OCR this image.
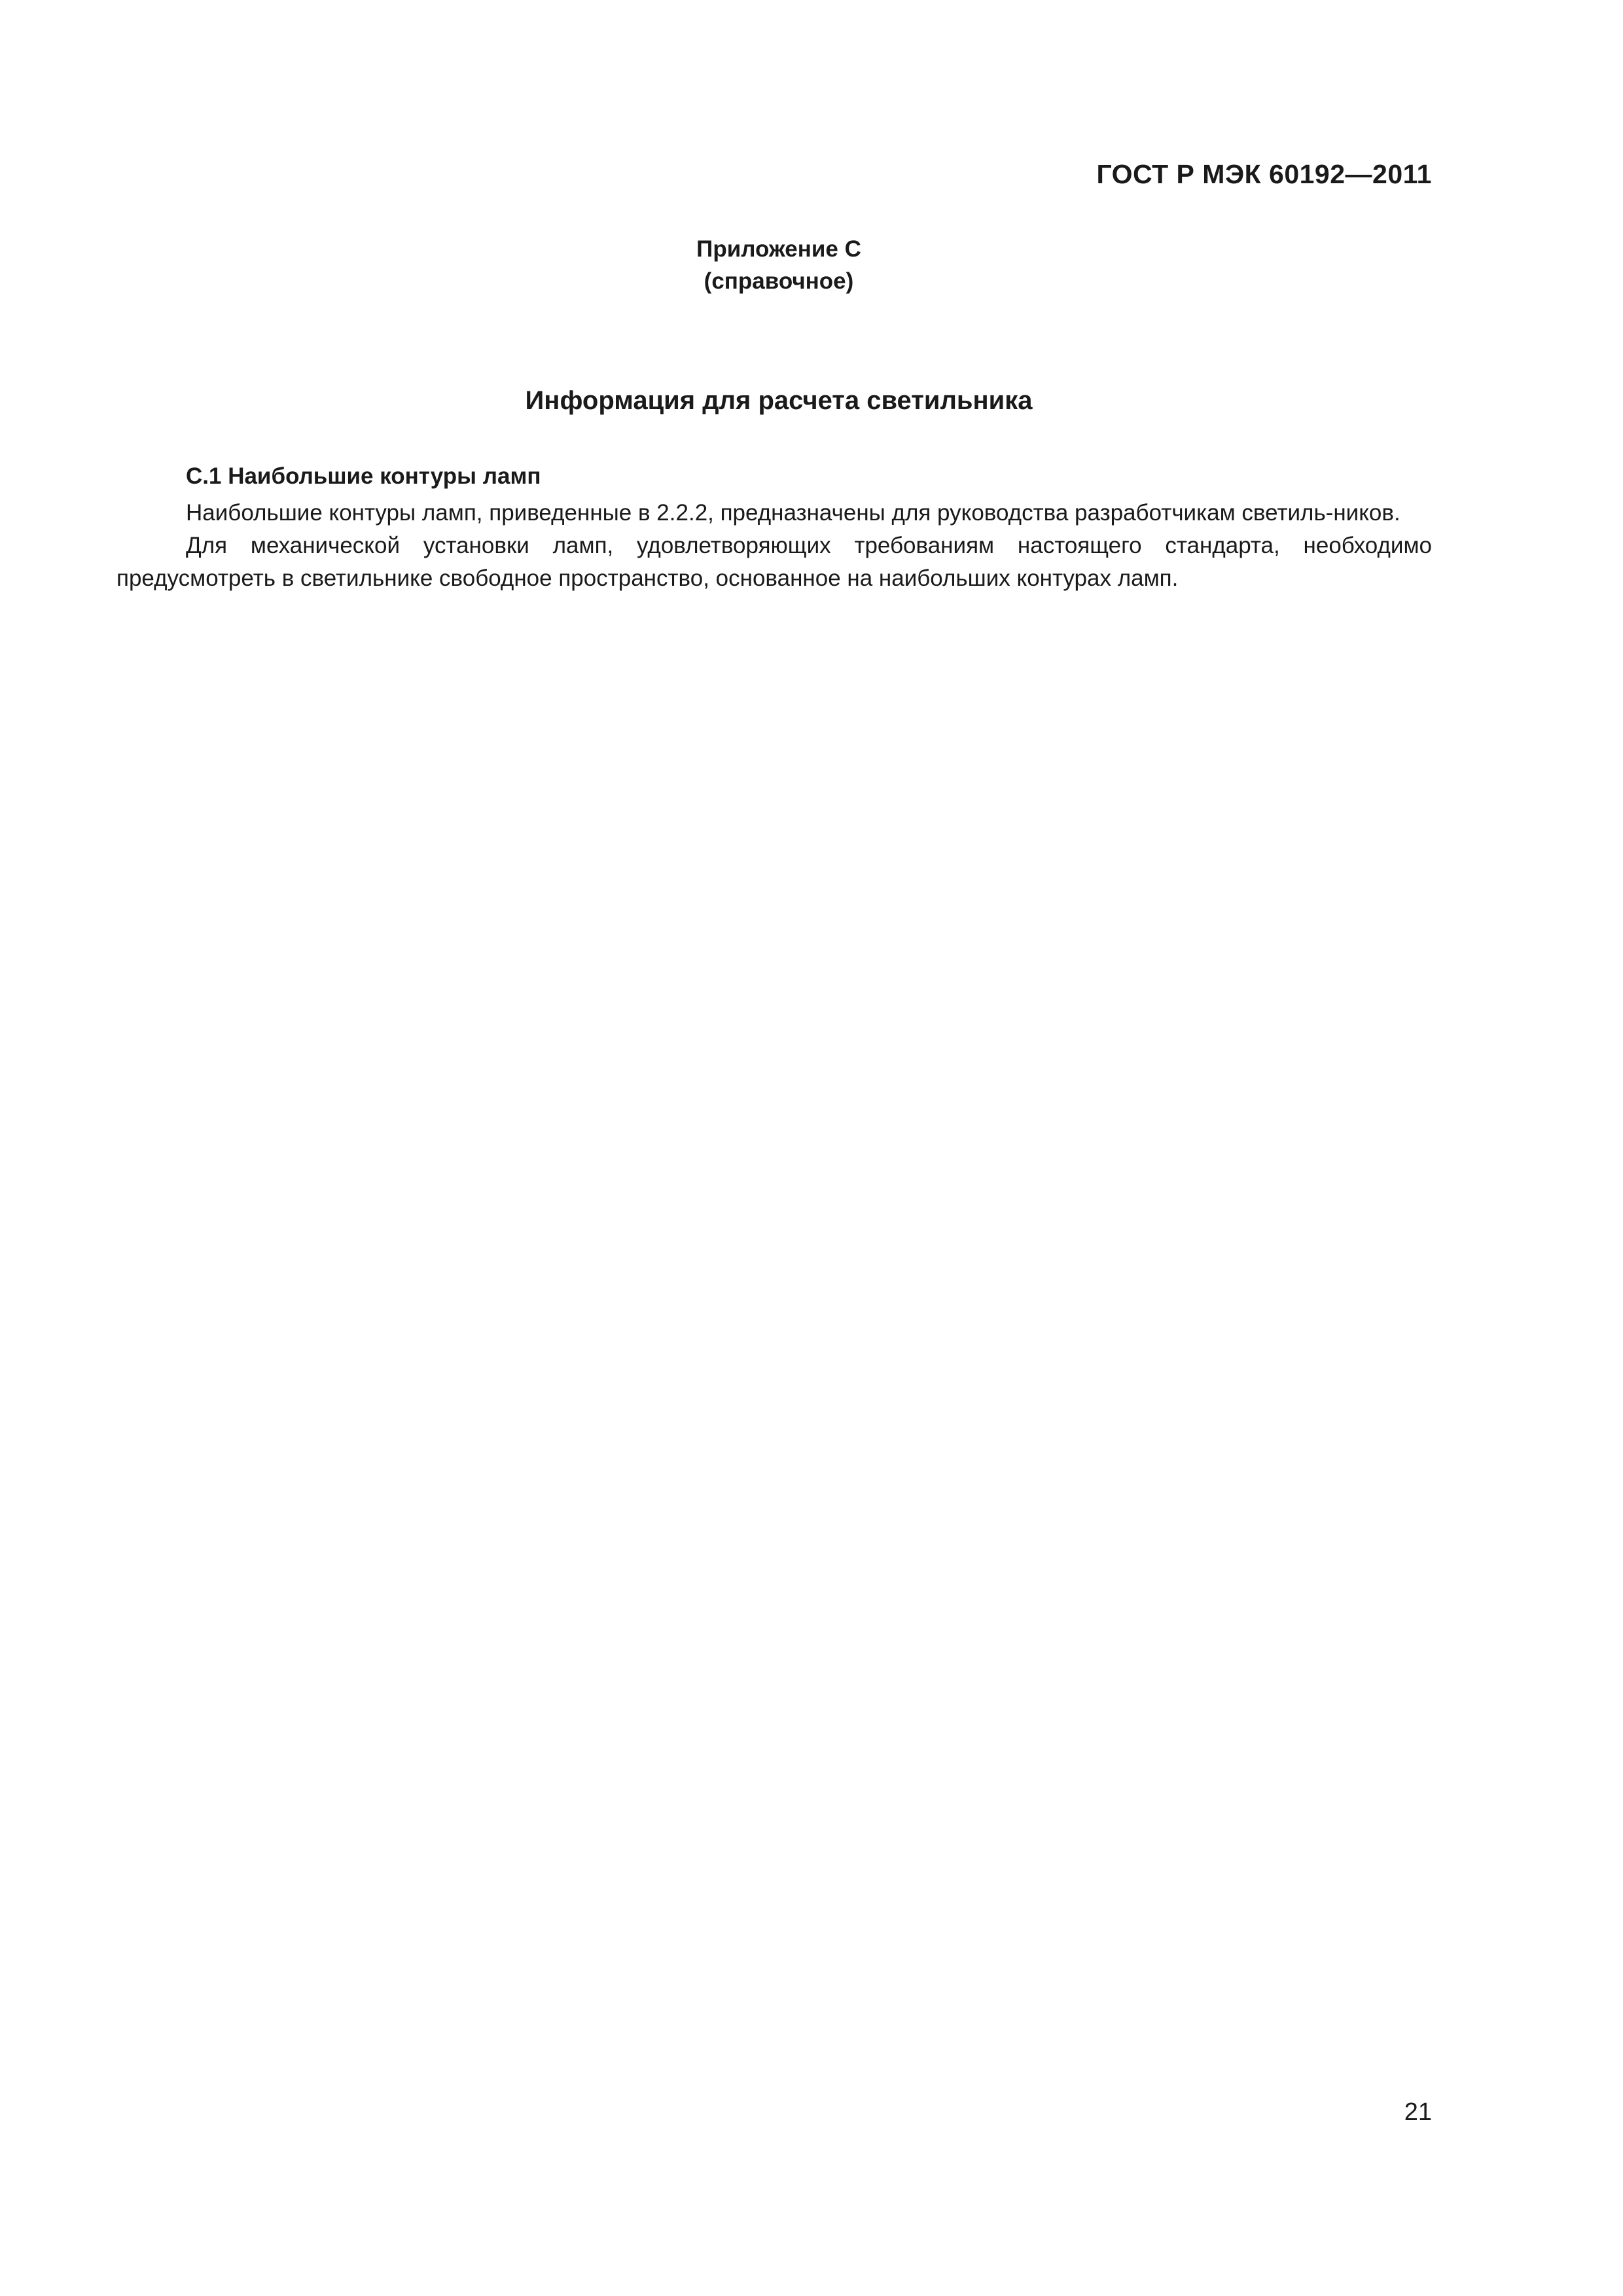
ГОСТ Р МЭК 60192—2011
Приложение С
(справочное)
Информация для расчета светильника
С.1 Наибольшие контуры ламп

Наибольшие контуры ламп, приведенные в 2.2.2, предназначены для руководства разработчикам светиль-ников.

Для механической установки ламп, удовлетворяющих требованиям настоящего стандарта, необходимо предусмотреть в светильнике свободное пространство, основанное на наибольших контурах ламп.

21
